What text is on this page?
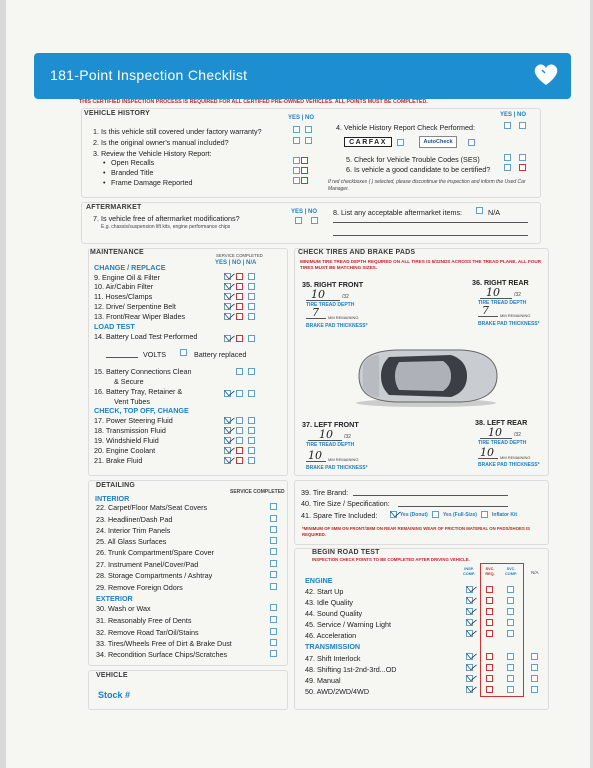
181-Point Inspection Checklist
THIS CERTIFIED INSPECTION PROCESS IS REQUIRED FOR ALL CERTIFED PRE-OWNED VEHICLES. ALL POINTS MUST BE COMPLETED.
VEHICLE HISTORY
YES | NO
1. Is this vehicle still covered under factory warranty?
2. Is the original owner's manual included?
3. Review the Vehicle History Report:
• Open Recalls
• Branded Title
• Frame Damage Reported
YES | NO
4. Vehicle History Report Check Performed:
CARFAX	AutoCheck
5. Check for Vehicle Trouble Codes (SES)
6. Is vehicle a good candidate to be certified?
If red checkboxes ( ) selected, please discontinue the inspection and inform the Used Car Manager.
AFTERMARKET
YES | NO
7. Is vehicle free of aftermarket modifications?
E.g. chassis/suspension lift kits, engine performance chips
8. List any acceptable aftermarket items:	N/A
MAINTENANCE	SERVICE COMPLETED
YES | NO | N/A
CHANGE / REPLACE
9. Engine Oil & Filter
10. Air/Cabin Filter
11. Hoses/Clamps
12. Drive/ Serpentine Belt
13. Front/Rear Wiper Blades
LOAD TEST
14. Battery Load Test Performed
VOLTS	Battery replaced
15. Battery Connections Clean
& Secure
16. Battery Tray, Retainer &
Vent Tubes
CHECK, TOP OFF, CHANGE
17. Power Steering Fluid
18. Transmission Fluid
19. Windshield Fluid
20. Engine Coolant
21. Brake Fluid
CHECK TIRES AND BRAKE PADS
MINIMUM TIRE TREAD DEPTH REQUIRED ON ALL TIRES IS 5/32NDS ACROSS THE TREAD PLANE. ALL FOUR TIRES MUST BE MATCHING SIZES.
35. RIGHT FRONT
10	/32
TIRE TREAD DEPTH
7 MM REMAINING
BRAKE PAD THICKNESS*
36. RIGHT REAR
10	/32
TIRE TREAD DEPTH
7	MM REMAINING
BRAKE PAD THICKNESS*
37. LEFT FRONT
10 /32
TIRE TREAD DEPTH
10 MM REMAINING
BRAKE PAD THICKNESS*
38. LEFT REAR
10 /32
TIRE TREAD DEPTH
10 MM REMAINING
BRAKE PAD THICKNESS*
DETAILING
SERVICE COMPLETED
INTERIOR
22. Carpet/Floor Mats/Seat Covers
23. Headliner/Dash Pad
24. Interior Trim Panels
25. All Glass Surfaces
26. Trunk Compartment/Spare Cover
27. Instrument Panel/Cover/Pad
28. Storage Compartments / Ashtray
29. Remove Foreign Odors
EXTERIOR
30. Wash or Wax
31. Reasonably Free of Dents
32. Remove Road Tar/Oil/Stains
33. Tires/Wheels Free of Dirt & Brake Dust
34. Recondition Surface Chips/Scratches
VEHICLE
Stock #
39. Tire Brand:
40. Tire Size / Specification:
41. Spare Tire Included:	Yes (Donut)	Yes (Full-Size)	Inflator Kit
*MINIMUM OF 5MM ON FRONT/3MM ON REAR REMAINING WEAR OF FRICTION MATERIAL ON PADS/SHOES IS REQUIRED.
BEGIN ROAD TEST
INSPECTION CHECK POINTS TO BE COMPLETED AFTER DRIVING VEHICLE.
INSP. COMP.
SVC. REQ.
SVC. COMP.	N/A
ENGINE
42. Start Up
43. Idle Quality
44. Sound Quality
45. Service / Warning Light
46. Acceleration
TRANSMISSION
47. Shift Interlock
48. Shifting 1st-2nd-3rd...OD
49. Manual
50. AWD/2WD/4WD
